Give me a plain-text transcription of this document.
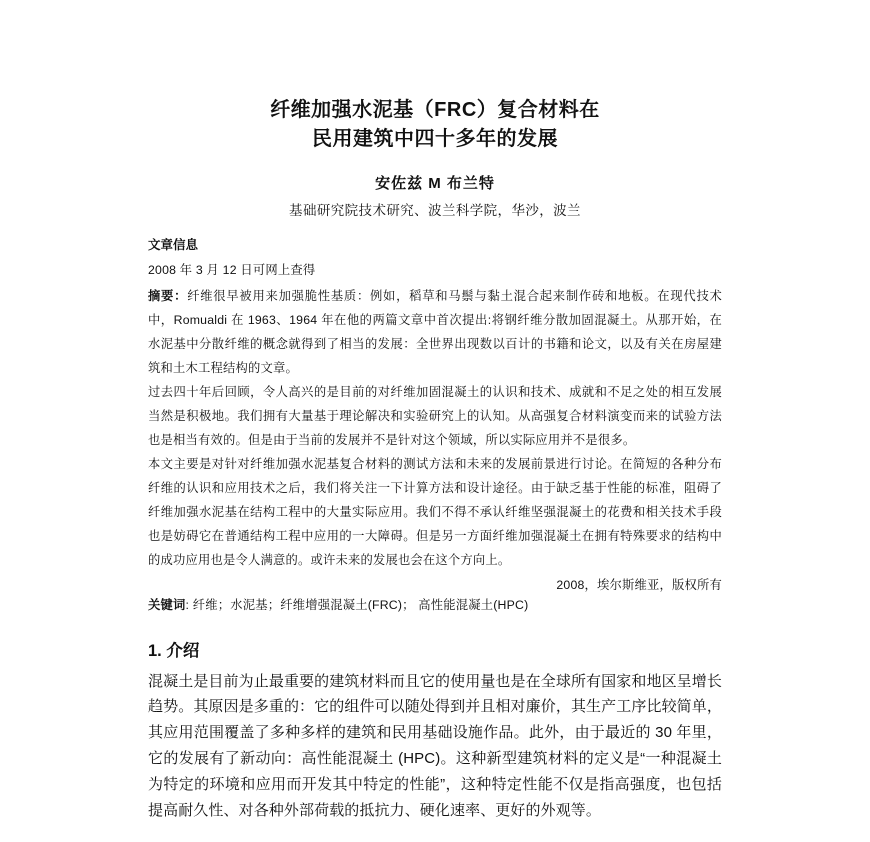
纤维加强水泥基（FRC）复合材料在
民用建筑中四十多年的发展
安佐兹 M 布兰特
基础研究院技术研究、波兰科学院，华沙，波兰
文章信息
2008 年 3 月 12 日可网上查得

摘要：纤维很早被用来加强脆性基质：例如，稻草和马鬃与黏土混合起来制作砖和地板。在现代技术中，Romualdi 在 1963、1964 年在他的两篇文章中首次提出:将钢纤维分散加固混凝土。从那开始，在水泥基中分散纤维的概念就得到了相当的发展：全世界出现数以百计的书籍和论文，以及有关在房屋建筑和土木工程结构的文章。

过去四十年后回顾，令人高兴的是目前的对纤维加固混凝土的认识和技术、成就和不足之处的相互发展当然是积极地。我们拥有大量基于理论解决和实验研究上的认知。从高强复合材料演变而来的试验方法也是相当有效的。但是由于当前的发展并不是针对这个领域，所以实际应用并不是很多。

本文主要是对针对纤维加强水泥基复合材料的测试方法和未来的发展前景进行讨论。在简短的各种分布纤维的认识和应用技术之后，我们将关注一下计算方法和设计途径。由于缺乏基于性能的标准，阻碍了纤维加强水泥基在结构工程中的大量实际应用。我们不得不承认纤维坚强混凝土的花费和相关技术手段也是妨碍它在普通结构工程中应用的一大障碍。但是另一方面纤维加强混凝土在拥有特殊要求的结构中的成功应用也是令人满意的。或许未来的发展也会在这个方向上。

2008，埃尔斯维亚，版权所有
关键词: 纤维；水泥基；纤维增强混凝土(FRC)； 高性能混凝土(HPC)
1. 介绍

混凝土是目前为止最重要的建筑材料而且它的使用量也是在全球所有国家和地区呈增长趋势。其原因是多重的：它的组件可以随处得到并且相对廉价，其生产工序比较简单，其应用范围覆盖了多种多样的建筑和民用基础设施作品。此外，由于最近的 30 年里，它的发展有了新动向：高性能混凝土 (HPC)。这种新型建筑材料的定义是“一种混凝土为特定的环境和应用而开发其中特定的性能”，这种特定性能不仅是指高强度，也包括提高耐久性、对各种外部荷载的抵抗力、硬化速率、更好的外观等。
